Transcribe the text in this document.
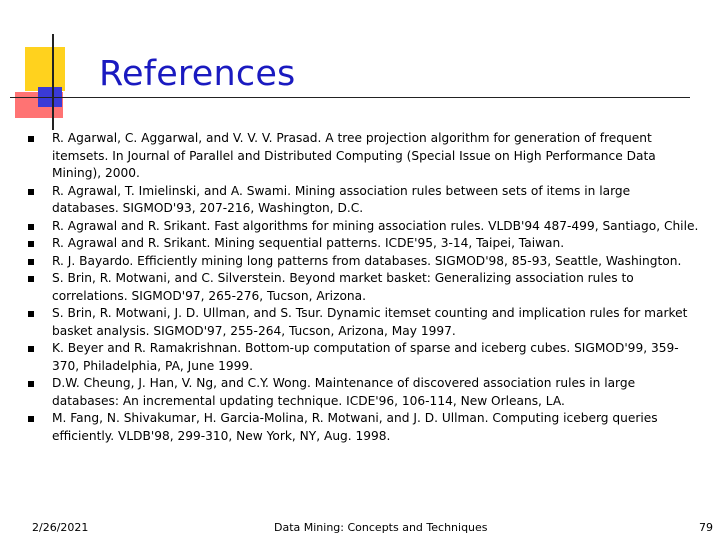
References
R. Agarwal, C. Aggarwal, and V. V. V. Prasad. A tree projection algorithm for generation of frequent itemsets. In Journal of Parallel and Distributed Computing (Special Issue on High Performance Data Mining), 2000.
R. Agrawal, T. Imielinski, and A. Swami. Mining association rules between sets of items in large databases. SIGMOD'93, 207-216, Washington, D.C.
R. Agrawal and R. Srikant. Fast algorithms for mining association rules. VLDB'94 487-499, Santiago, Chile.
R. Agrawal and R. Srikant. Mining sequential patterns. ICDE'95, 3-14, Taipei, Taiwan.
R. J. Bayardo. Efficiently mining long patterns from databases. SIGMOD'98, 85-93, Seattle, Washington.
S. Brin, R. Motwani, and C. Silverstein. Beyond market basket: Generalizing association rules to correlations. SIGMOD'97, 265-276, Tucson, Arizona.
S. Brin, R. Motwani, J. D. Ullman, and S. Tsur. Dynamic itemset counting and implication rules for market basket analysis. SIGMOD'97, 255-264, Tucson, Arizona, May 1997.
K. Beyer and R. Ramakrishnan. Bottom-up computation of sparse and iceberg cubes. SIGMOD'99, 359-370, Philadelphia, PA, June 1999.
D.W. Cheung, J. Han, V. Ng, and C.Y. Wong. Maintenance of discovered association rules in large databases: An incremental updating technique. ICDE'96, 106-114, New Orleans, LA.
M. Fang, N. Shivakumar, H. Garcia-Molina, R. Motwani, and J. D. Ullman. Computing iceberg queries efficiently. VLDB'98, 299-310, New York, NY, Aug. 1998.
2/26/2021	Data Mining: Concepts and Techniques	79
